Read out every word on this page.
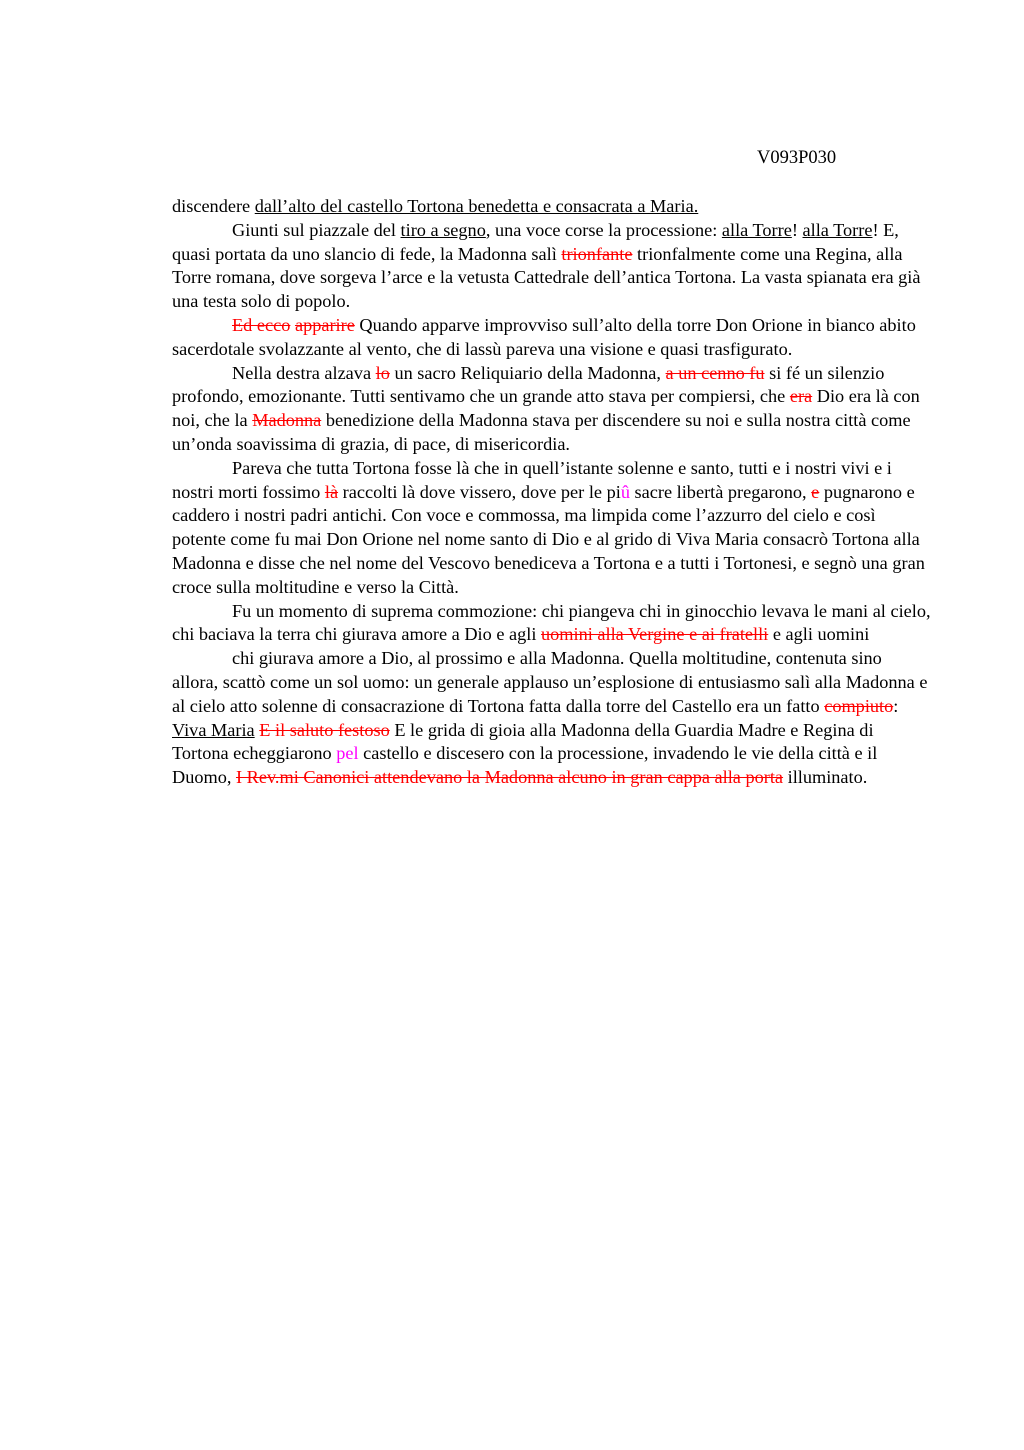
V093P030

discendere dall’alto del castello Tortona benedetta e consacrata a Maria.

Giunti sul piazzale del tiro a segno, una voce corse la processione: alla Torre! alla Torre! E, quasi portata da uno slancio di fede, la Madonna salì trionfante trionfalmente come una Regina, alla Torre romana, dove sorgeva l’arce e la vetusta Cattedrale dell’antica Tortona. La vasta spianata era già una testa solo di popolo.

Ed ecco apparire Quando apparve improvviso sull’alto della torre Don Orione in bianco abito sacerdotale svolazzante al vento, che di lassù pareva una visione e quasi trasfigurato.

Nella destra alzava lo un sacro Reliquiario della Madonna, a un cenno fu si fé un silenzio profondo, emozionante. Tutti sentivamo che un grande atto stava per compiersi, che era Dio era là con noi, che la Madonna benedizione della Madonna stava per discendere su noi e sulla nostra città come un’onda soavissima di grazia, di pace, di misericordia.

Pareva che tutta Tortona fosse là che in quell’istante solenne e santo, tutti e i nostri vivi e i nostri morti fossimo là raccolti là dove vissero, dove per le piû sacre libertà pregarono, e pugnarono e caddero i nostri padri antichi. Con voce e commossa, ma limpida come l’azzurro del cielo e così potente come fu mai Don Orione nel nome santo di Dio e al grido di Viva Maria consacrò Tortona alla Madonna e disse che nel nome del Vescovo benediceva a Tortona e a tutti i Tortonesi, e segnò una gran croce sulla moltitudine e verso la Città.

Fu un momento di suprema commozione: chi piangeva chi in ginocchio levava le mani al cielo, chi baciava la terra chi giurava amore a Dio e agli uomini alla Vergine e ai fratelli e agli uomini

chi giurava amore a Dio, al prossimo e alla Madonna. Quella moltitudine, contenuta sino allora, scattò come un sol uomo: un generale applauso un’esplosione di entusiasmo salì alla Madonna e al cielo atto solenne di consacrazione di Tortona fatta dalla torre del Castello era un fatto compiuto: Viva Maria E il saluto festoso E le grida di gioia alla Madonna della Guardia Madre e Regina di Tortona echeggiarono pel castello e discesero con la processione, invadendo le vie della città e il Duomo, I Rev.mi Canonici attendevano la Madonna alcuno in gran cappa alla porta illuminato.
